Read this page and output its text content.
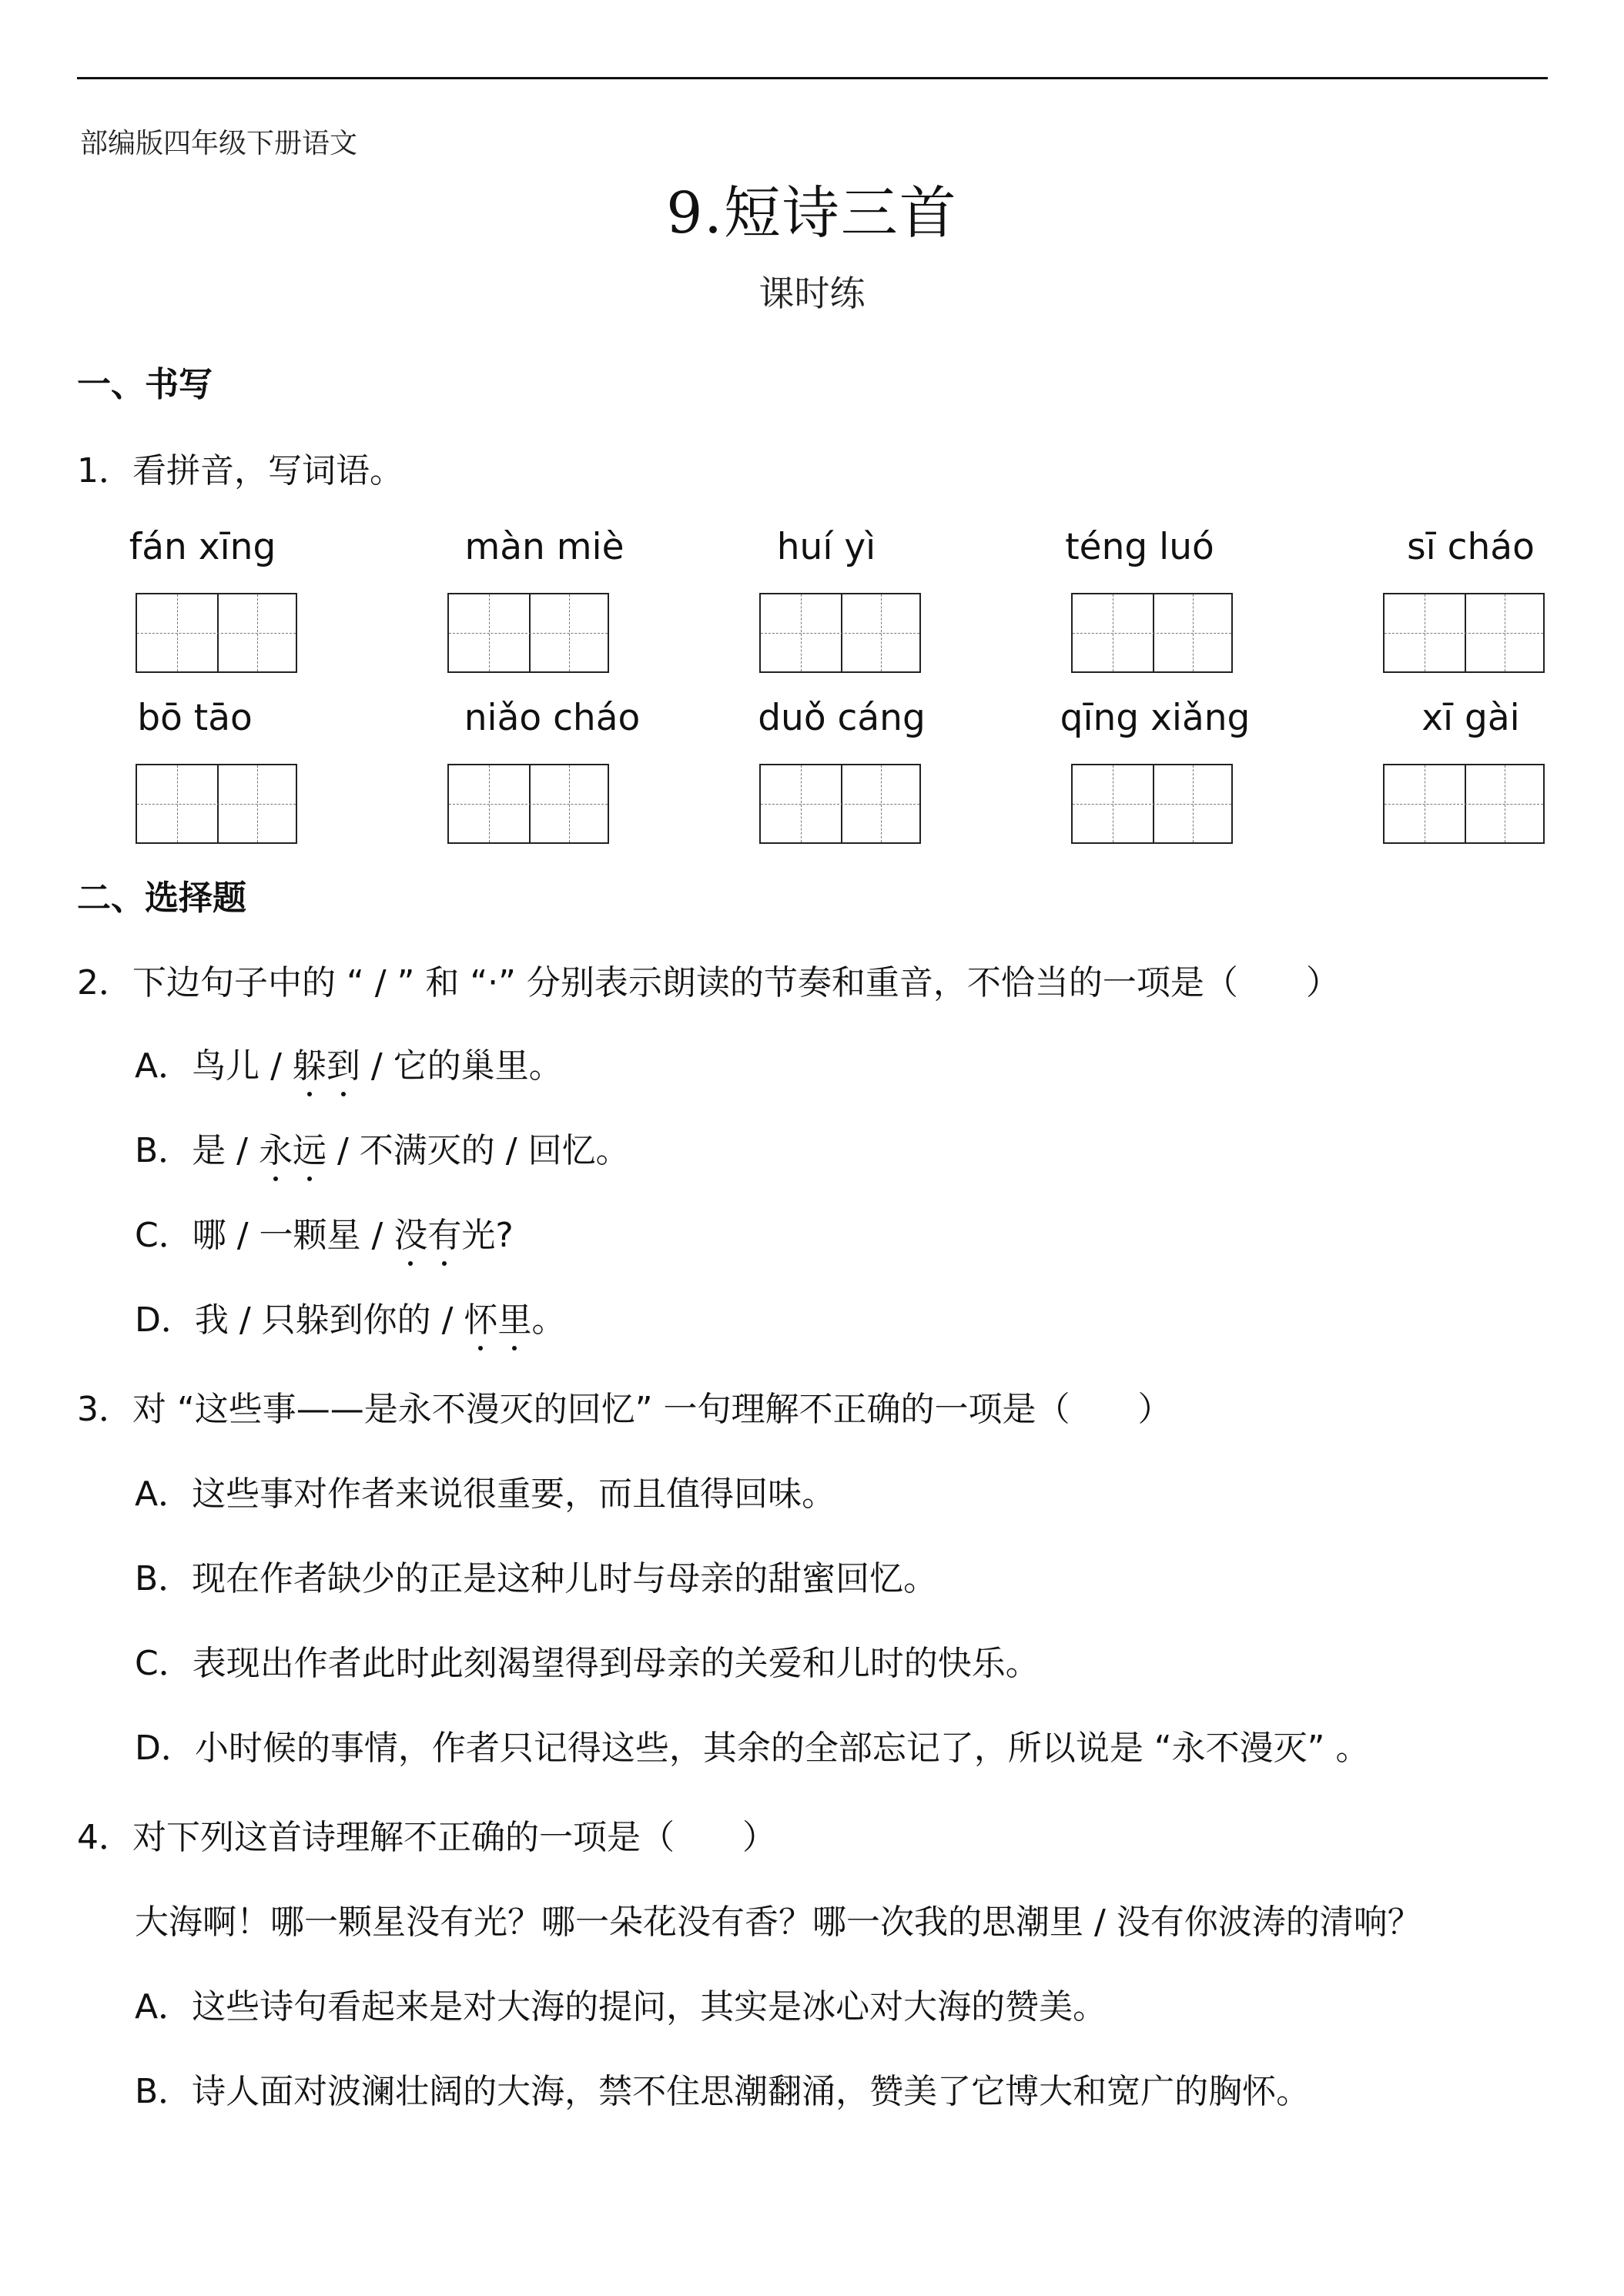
部编版四年级下册语文
9.短诗三首
课时练
一、书写
1．看拼音，写词语。
fán xīng	màn miè	huí yì	téng luó	sī cháo
bō tāo	niǎo cháo	duǒ cáng	qīng xiǎng	xī gài
二、选择题
2．下边句子中的 “ / ” 和 “·” 分别表示朗读的节奏和重音，不恰当的一项是（　　）
A．鸟儿 / 躲到 / 它的巢里。
B．是 / 永远 / 不满灭的 / 回忆。
C．哪 / 一颗星 / 没有光?
D．我 / 只躲到你的 / 怀里。
3．对 “这些事——是永不漫灭的回忆” 一句理解不正确的一项是（　　）
A．这些事对作者来说很重要，而且值得回味。
B．现在作者缺少的正是这种儿时与母亲的甜蜜回忆。
C．表现出作者此时此刻渴望得到母亲的关爱和儿时的快乐。
D．小时候的事情，作者只记得这些，其余的全部忘记了，所以说是 “永不漫灭” 。
4．对下列这首诗理解不正确的一项是（　　）
大海啊！哪一颗星没有光？哪一朵花没有香？哪一次我的思潮里 / 没有你波涛的清响？
A．这些诗句看起来是对大海的提问，其实是冰心对大海的赞美。
B．诗人面对波澜壮阔的大海，禁不住思潮翻涌，赞美了它博大和宽广的胸怀。
